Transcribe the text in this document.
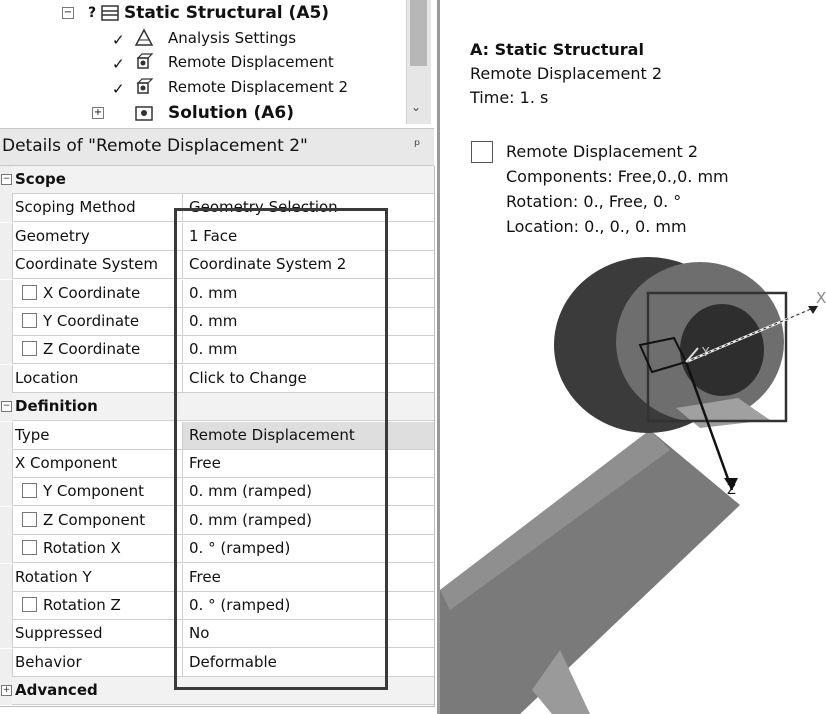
− ? Static Structural (A5)
✓	Analysis Settings
✓	Remote Displacement
✓	Remote Displacement 2
+	Solution (A6)	⌄
Details of "Remote Displacement 2"	ᵖ
− Scope
Scoping Method	Geometry Selection
Geometry	1 Face
Coordinate System	Coordinate System 2
X Coordinate	0. mm
Y Coordinate	0. mm
Z Coordinate	0. mm
Location	Click to Change
− Definition
Type	Remote Displacement
X Component	Free
Y Component	0. mm (ramped)
Z Component	0. mm (ramped)
Rotation X	0. ° (ramped)
Rotation Y	Free
Rotation Z	0. ° (ramped)
Suppressed	No
Behavior	Deformable
+ Advanced
X
Y
Z
A: Static Structural
Remote Displacement 2
Time: 1. s
Remote Displacement 2
Components: Free,0.,0. mm
Rotation: 0., Free, 0. °
Location: 0., 0., 0. mm
